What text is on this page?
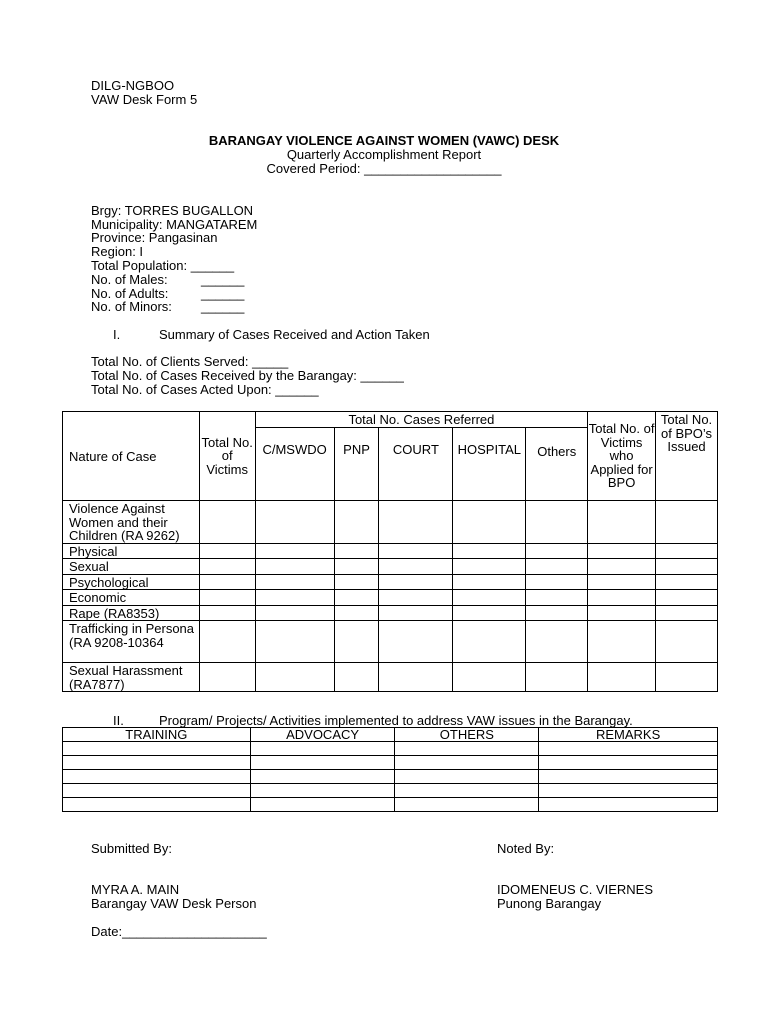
DILG-NGBOO
VAW Desk Form 5
BARANGAY VIOLENCE AGAINST WOMEN (VAWC) DESK
Quarterly Accomplishment Report
Covered Period: ___________________
Brgy: TORRES BUGALLON
Municipality: MANGATAREM
Province: Pangasinan
Region: I
Total Population: ______
No. of Males:	______
No. of Adults:	______
No. of Minors: ______
I.	Summary of Cases Received and Action Taken
Total No. of Clients Served: _____
Total No. of Cases Received by the Barangay: ______
Total No. of Cases Acted Upon: ______
Nature of Case	Total No. of Victims	Total No. Cases Referred					Total No. of Victims who Applied for BPO	Total No. of BPO’s Issued
		C/MSWDO	PNP	COURT	HOSPITAL	Others		
Violence Against Women and their Children (RA 9262)								
Physical								
Sexual								
Psychological								
Economic								
Rape (RA8353)								
Trafficking in Persona (RA 9208-10364								
Sexual Harassment (RA7877)								
II.	Program/ Projects/ Activities implemented to address VAW issues in the Barangay.
TRAINING	ADVOCACY	OTHERS	REMARKS

Submitted By:	Noted By:
MYRA A. MAIN	IDOMENEUS C. VIERNES
Barangay VAW Desk Person	Punong Barangay
Date:____________________
